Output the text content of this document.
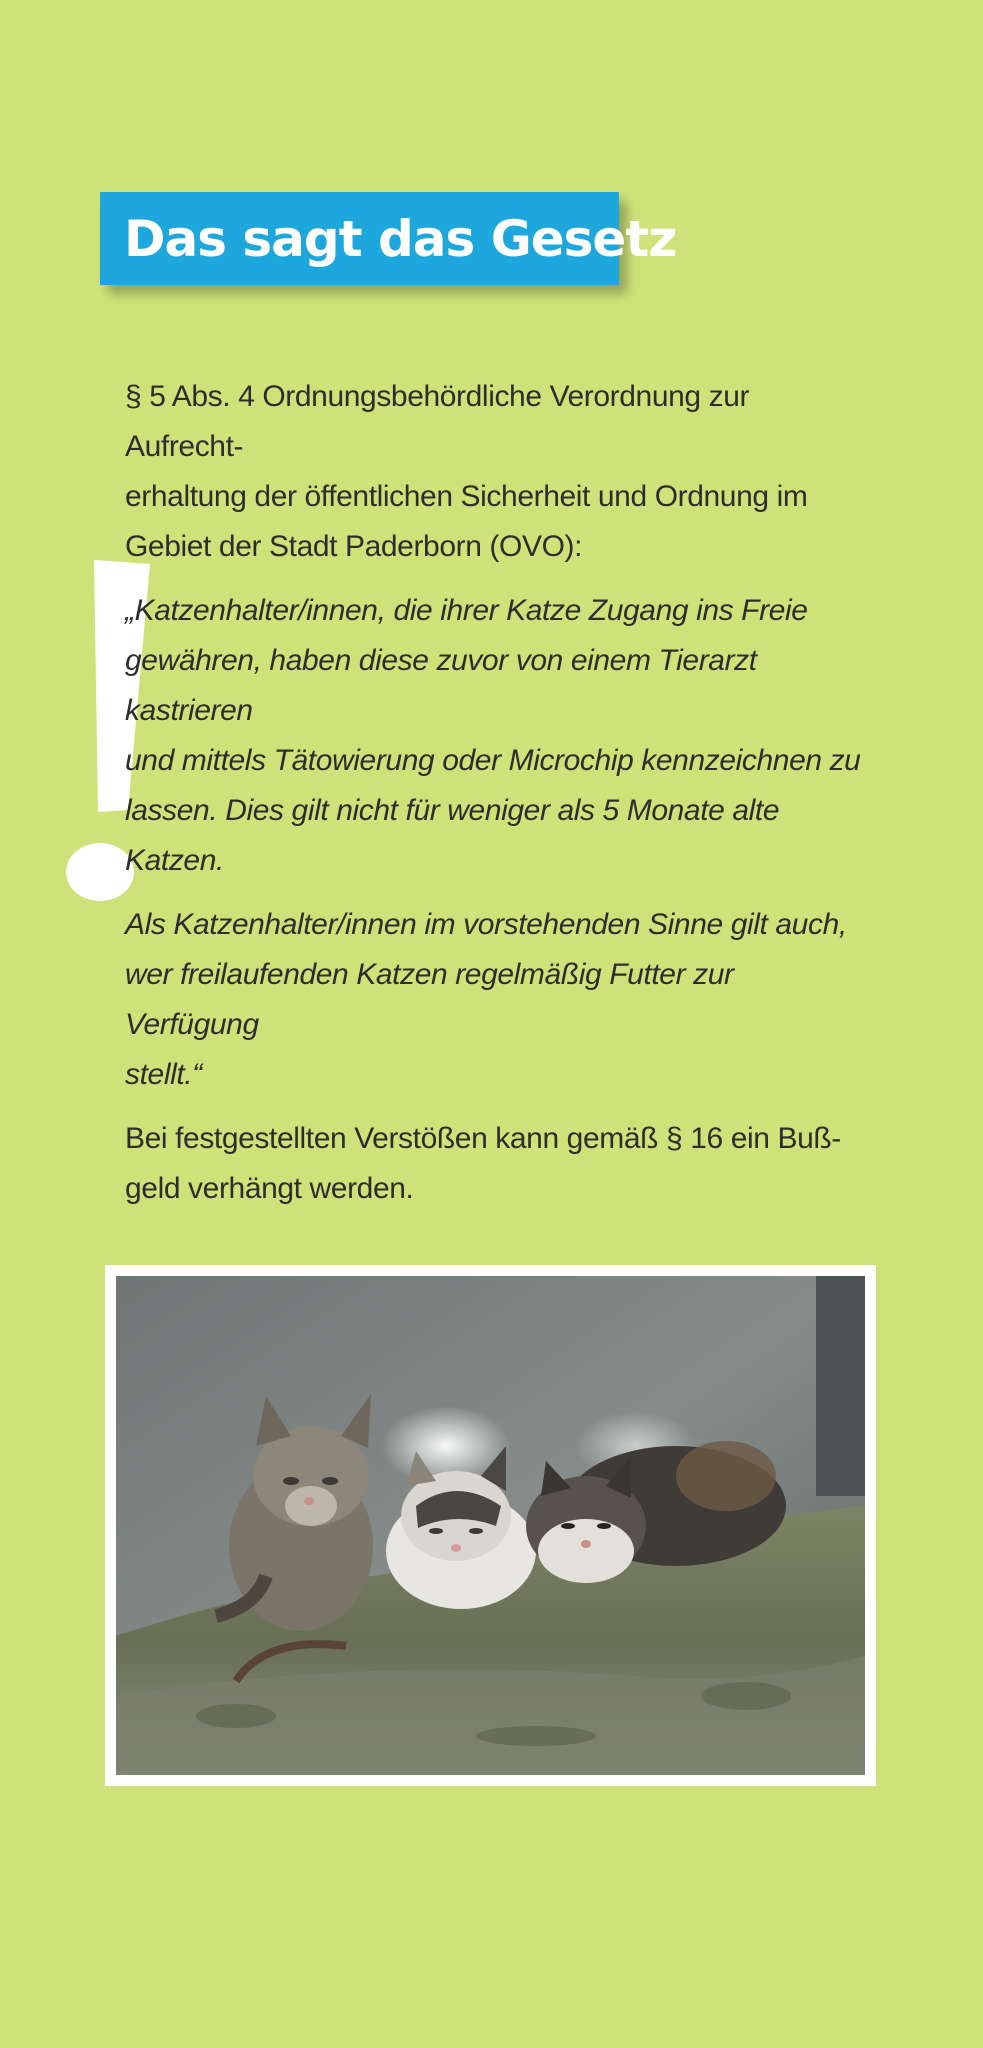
Das sagt das Gesetz

§ 5 Abs. 4 Ordnungsbehördliche Verordnung zur Aufrecht-
erhaltung der öffentlichen Sicherheit und Ordnung im
Gebiet der Stadt Paderborn (OVO):

„Katzenhalter/innen, die ihrer Katze Zugang ins Freie
gewähren, haben diese zuvor von einem Tierarzt kastrieren
und mittels Tätowierung oder Microchip kennzeichnen zu
lassen. Dies gilt nicht für weniger als 5 Monate alte Katzen.

Als Katzenhalter/innen im vorstehenden Sinne gilt auch,
wer freilaufenden Katzen regelmäßig Futter zur Verfügung
stellt.“

Bei festgestellten Verstößen kann gemäß § 16 ein Buß-
geld verhängt werden.
